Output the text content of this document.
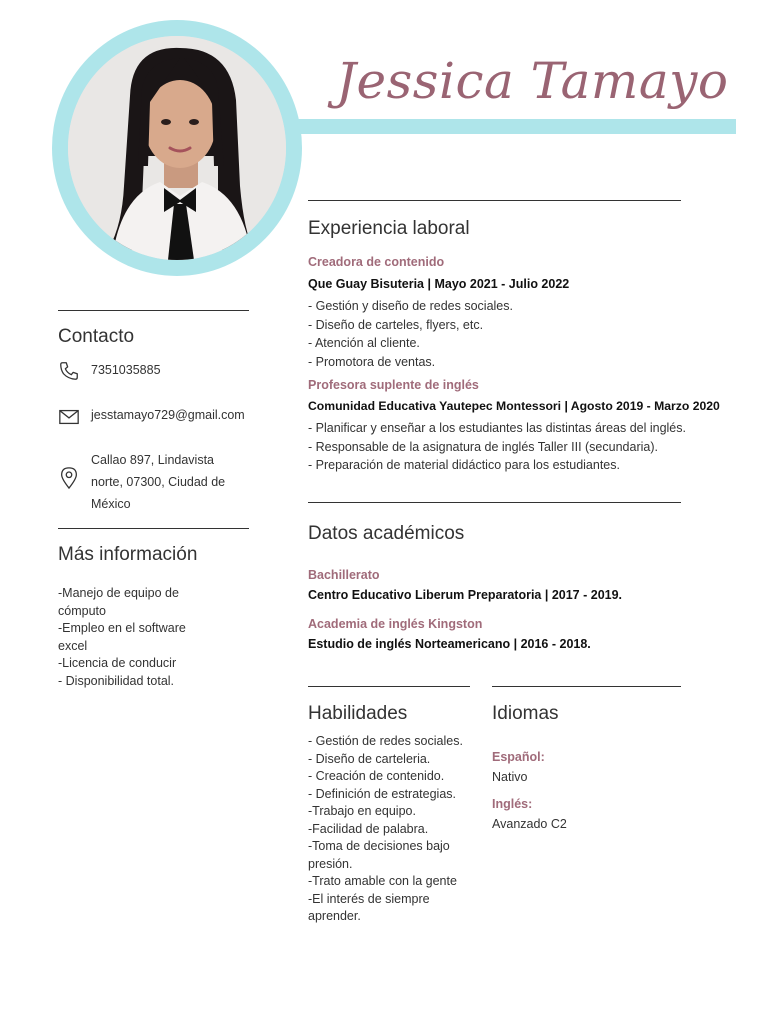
Jessica Tamayo
Contacto
7351035885
jesstamayo729@gmail.com
Callao 897, Lindavista
norte, 07300, Ciudad de
México
Más información
-Manejo de equipo de
cómputo
-Empleo en el software
excel
-Licencia de conducir
- Disponibilidad total.
Experiencia laboral
Creadora de contenido
Que Guay Bisuteria | Mayo 2021 - Julio 2022
- Gestión y diseño de redes sociales.
- Diseño de carteles, flyers, etc.
- Atención al cliente.
- Promotora de ventas.
Profesora suplente de inglés
Comunidad Educativa Yautepec Montessori | Agosto 2019 - Marzo 2020
- Planificar y enseñar a los estudiantes las distintas áreas del inglés.
- Responsable de la asignatura de inglés Taller III (secundaria).
- Preparación de material didáctico para los estudiantes.
Datos académicos
Bachillerato
Centro Educativo Liberum Preparatoria | 2017 - 2019.
Academia de inglés Kingston
Estudio de inglés Norteamericano | 2016 - 2018.
Habilidades
- Gestión de redes sociales.
- Diseño de carteleria.
- Creación de contenido.
- Definición de estrategias.
-Trabajo en equipo.
-Facilidad de palabra.
-Toma de decisiones bajo
presión.
-Trato amable con la gente
-El interés de siempre
aprender.
Idiomas
Español:
Nativo
Inglés:
Avanzado C2
